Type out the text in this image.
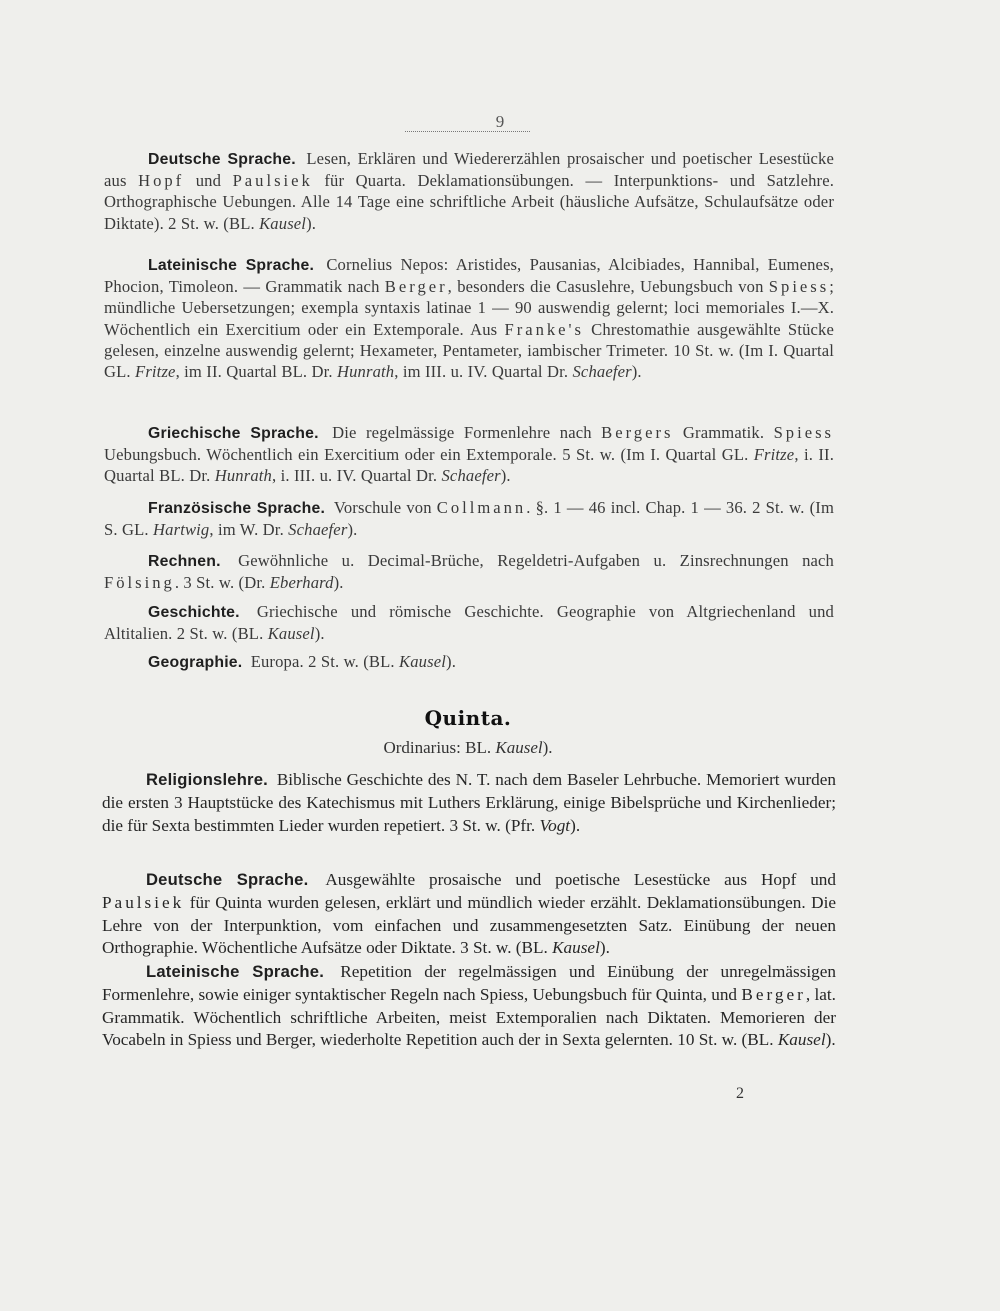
9

Deutsche Sprache. Lesen, Erklären und Wiedererzählen prosaischer und poetischer Lesestücke aus Hopf und Paulsiek für Quarta. Deklamationsübungen. — Interpunktions- und Satzlehre. Orthographische Uebungen. Alle 14 Tage eine schriftliche Arbeit (häusliche Aufsätze, Schulaufsätze oder Diktate). 2 St. w. (BL. Kausel).

Lateinische Sprache. Cornelius Nepos: Aristides, Pausanias, Alcibiades, Hannibal, Eumenes, Phocion, Timoleon. — Grammatik nach Berger, besonders die Casuslehre, Uebungsbuch von Spiess; mündliche Uebersetzungen; exempla syntaxis latinae 1 — 90 auswendig gelernt; loci memoriales I.—X. Wöchentlich ein Exercitium oder ein Extemporale. Aus Franke's Chrestomathie ausgewählte Stücke gelesen, einzelne auswendig gelernt; Hexameter, Pentameter, iambischer Trimeter. 10 St. w. (Im I. Quartal GL. Fritze, im II. Quartal BL. Dr. Hunrath, im III. u. IV. Quartal Dr. Schaefer).

Griechische Sprache. Die regelmässige Formenlehre nach Bergers Grammatik. Spiess Uebungsbuch. Wöchentlich ein Exercitium oder ein Extemporale. 5 St. w. (Im I. Quartal GL. Fritze, i. II. Quartal BL. Dr. Hunrath, i. III. u. IV. Quartal Dr. Schaefer).

Französische Sprache. Vorschule von Collmann. §. 1 — 46 incl. Chap. 1 — 36. 2 St. w. (Im S. GL. Hartwig, im W. Dr. Schaefer).

Rechnen. Gewöhnliche u. Decimal-Brüche, Regeldetri-Aufgaben u. Zinsrechnungen nach Fölsing. 3 St. w. (Dr. Eberhard).

Geschichte. Griechische und römische Geschichte. Geographie von Altgriechenland und Altitalien. 2 St. w. (BL. Kausel).

Geographie. Europa. 2 St. w. (BL. Kausel).

Quinta.
Ordinarius: BL. Kausel).

Religionslehre. Biblische Geschichte des N. T. nach dem Baseler Lehrbuche. Memoriert wurden die ersten 3 Hauptstücke des Katechismus mit Luthers Erklärung, einige Bibelsprüche und Kirchenlieder; die für Sexta bestimmten Lieder wurden repetiert. 3 St. w. (Pfr. Vogt).

Deutsche Sprache. Ausgewählte prosaische und poetische Lesestücke aus Hopf und Paulsiek für Quinta wurden gelesen, erklärt und mündlich wieder erzählt. Deklamationsübungen. Die Lehre von der Interpunktion, vom einfachen und zusammengesetzten Satz. Einübung der neuen Orthographie. Wöchentliche Aufsätze oder Diktate. 3 St. w. (BL. Kausel).

Lateinische Sprache. Repetition der regelmässigen und Einübung der unregelmässigen Formenlehre, sowie einiger syntaktischer Regeln nach Spiess, Uebungsbuch für Quinta, und Berger, lat. Grammatik. Wöchentlich schriftliche Arbeiten, meist Extemporalien nach Diktaten. Memorieren der Vocabeln in Spiess und Berger, wiederholte Repetition auch der in Sexta gelernten. 10 St. w. (BL. Kausel).

2
